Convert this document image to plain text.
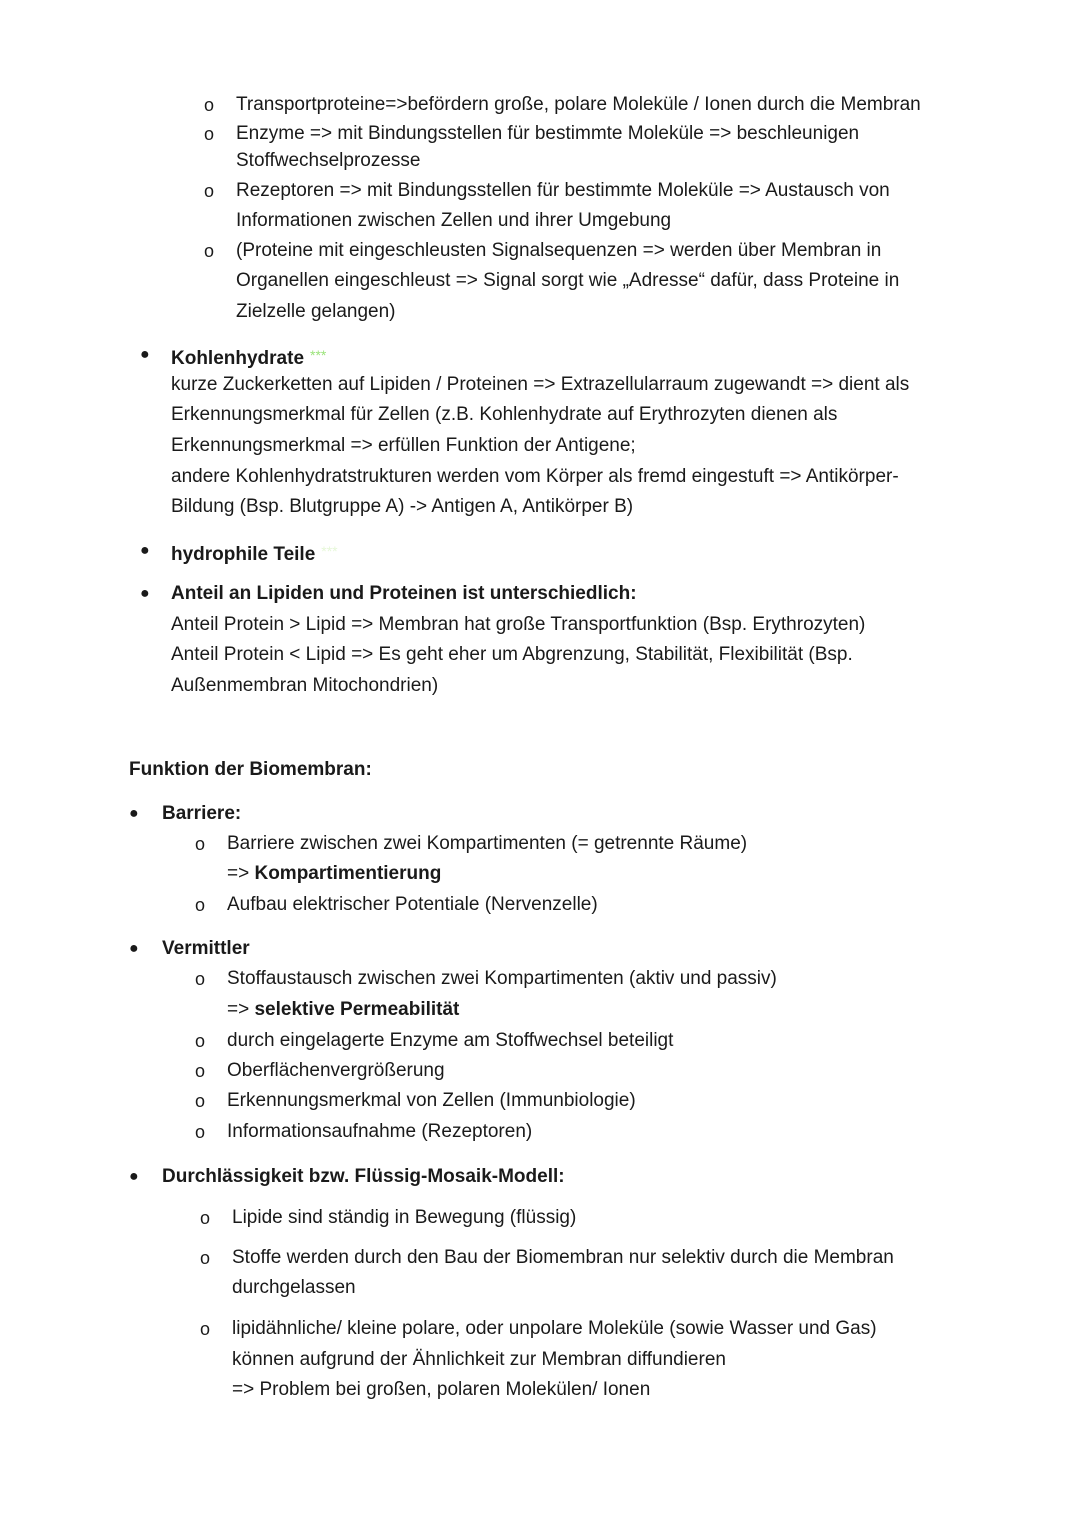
o Transportproteine=>befördern große, polare Moleküle / Ionen durch die Membran
o Enzyme => mit Bindungsstellen für bestimmte Moleküle => beschleunigen
Stoffwechselprozesse
o Rezeptoren => mit Bindungsstellen für bestimmte Moleküle => Austausch von
Informationen zwischen Zellen und ihrer Umgebung
o (Proteine mit eingeschleusten Signalsequenzen => werden über Membran in
Organellen eingeschleust => Signal sorgt wie „Adresse“ dafür, dass Proteine in
Zielzelle gelangen)
● Kohlenhydrate ***
kurze Zuckerketten auf Lipiden / Proteinen => Extrazellularraum zugewandt => dient als
Erkennungsmerkmal für Zellen (z.B. Kohlenhydrate auf Erythrozyten dienen als
Erkennungsmerkmal => erfüllen Funktion der Antigene;
andere Kohlenhydratstrukturen werden vom Körper als fremd eingestuft => Antikörper-
Bildung (Bsp. Blutgruppe A) -> Antigen A, Antikörper B)
● hydrophile Teile ***
● Anteil an Lipiden und Proteinen ist unterschiedlich:
Anteil Protein > Lipid => Membran hat große Transportfunktion (Bsp. Erythrozyten)
Anteil Protein < Lipid => Es geht eher um Abgrenzung, Stabilität, Flexibilität (Bsp.
Außenmembran Mitochondrien)
Funktion der Biomembran:
● Barriere:
o Barriere zwischen zwei Kompartimenten (= getrennte Räume)
=> Kompartimentierung
o Aufbau elektrischer Potentiale (Nervenzelle)
● Vermittler
o Stoffaustausch zwischen zwei Kompartimenten (aktiv und passiv)
=> selektive Permeabilität
o durch eingelagerte Enzyme am Stoffwechsel beteiligt
o Oberflächenvergrößerung
o Erkennungsmerkmal von Zellen (Immunbiologie)
o Informationsaufnahme (Rezeptoren)
● Durchlässigkeit bzw. Flüssig-Mosaik-Modell:
o Lipide sind ständig in Bewegung (flüssig)
o Stoffe werden durch den Bau der Biomembran nur selektiv durch die Membran
durchgelassen
o lipidähnliche/ kleine polare, oder unpolare Moleküle (sowie Wasser und Gas)
können aufgrund der Ähnlichkeit zur Membran diffundieren
=> Problem bei großen, polaren Molekülen/ Ionen
